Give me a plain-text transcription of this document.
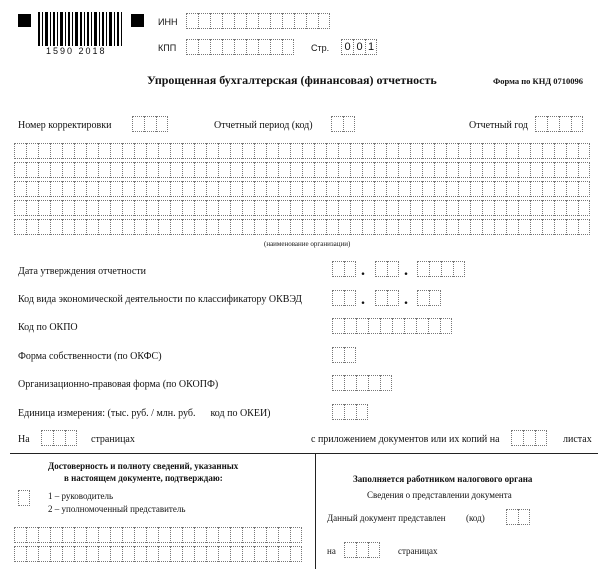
1590 2018
ИНН
КПП	Стр.	0 0 1
Упрощенная бухгалтерская (финансовая) отчетность	Форма по КНД 0710096
Номер корректировки	Отчетный период (код)	Отчетный год
(наименование организации)
Дата утверждения отчетности	. .
Код вида экономической деятельности по классификатору ОКВЭД	. .
Код по ОКПО
Форма собственности (по ОКФС)
Организационно-правовая форма (по ОКОПФ)
Единица измерения: (тыс. руб. / млн. руб.      код по ОКЕИ)
На	страницах	с приложением документов или их копий на	листах
Достоверность и полноту сведений, указанных
в настоящем документе, подтверждаю:
1 – руководитель
2 – уполномоченный представитель
Заполняется работником налогового органа
Сведения о представлении документа
Данный документ представлен (код)
на	страницах
